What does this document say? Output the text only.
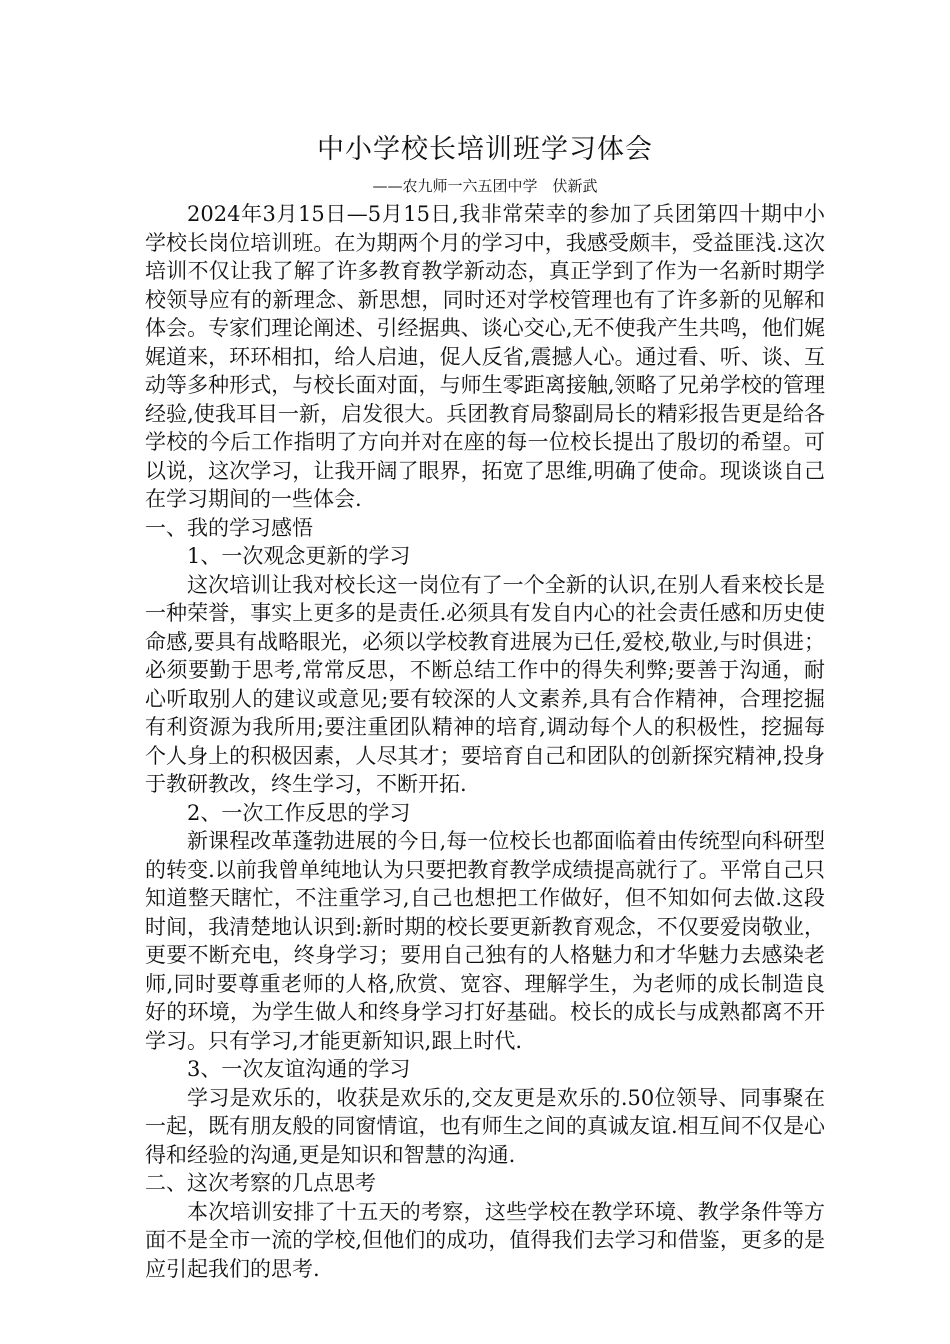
中小学校长培训班学习体会

——农九师一六五团中学　伏新武

2024年3月15日—5月15日,我非常荣幸的参加了兵团第四十期中小学校长岗位培训班。在为期两个月的学习中，我感受颇丰，受益匪浅.这次培训不仅让我了解了许多教育教学新动态，真正学到了作为一名新时期学校领导应有的新理念、新思想，同时还对学校管理也有了许多新的见解和体会。专家们理论阐述、引经据典、谈心交心,无不使我产生共鸣，他们娓娓道来，环环相扣，给人启迪，促人反省,震撼人心。通过看、听、谈、互动等多种形式，与校长面对面，与师生零距离接触,领略了兄弟学校的管理经验,使我耳目一新，启发很大。兵团教育局黎副局长的精彩报告更是给各学校的今后工作指明了方向并对在座的每一位校长提出了殷切的希望。可以说，这次学习，让我开阔了眼界，拓宽了思维,明确了使命。现谈谈自己在学习期间的一些体会.

一、我的学习感悟

1、一次观念更新的学习

这次培训让我对校长这一岗位有了一个全新的认识,在别人看来校长是一种荣誉，事实上更多的是责任.必须具有发自内心的社会责任感和历史使命感,要具有战略眼光，必须以学校教育进展为已任,爱校,敬业,与时俱进；必须要勤于思考,常常反思，不断总结工作中的得失利弊;要善于沟通，耐心听取别人的建议或意见;要有较深的人文素养,具有合作精神，合理挖掘有利资源为我所用;要注重团队精神的培育,调动每个人的积极性，挖掘每个人身上的积极因素，人尽其才；要培育自己和团队的创新探究精神,投身于教研教改，终生学习，不断开拓.

2、一次工作反思的学习

新课程改革蓬勃进展的今日,每一位校长也都面临着由传统型向科研型的转变.以前我曾单纯地认为只要把教育教学成绩提高就行了。平常自己只知道整天瞎忙，不注重学习,自己也想把工作做好，但不知如何去做.这段时间，我清楚地认识到:新时期的校长要更新教育观念，不仅要爱岗敬业，更要不断充电，终身学习；要用自己独有的人格魅力和才华魅力去感染老师,同时要尊重老师的人格,欣赏、宽容、理解学生，为老师的成长制造良好的环境，为学生做人和终身学习打好基础。校长的成长与成熟都离不开学习。只有学习,才能更新知识,跟上时代.

3、一次友谊沟通的学习

学习是欢乐的，收获是欢乐的,交友更是欢乐的.50位领导、同事聚在一起，既有朋友般的同窗情谊，也有师生之间的真诚友谊.相互间不仅是心得和经验的沟通,更是知识和智慧的沟通.

二、这次考察的几点思考

本次培训安排了十五天的考察，这些学校在教学环境、教学条件等方面不是全市一流的学校,但他们的成功，值得我们去学习和借鉴，更多的是应引起我们的思考.
